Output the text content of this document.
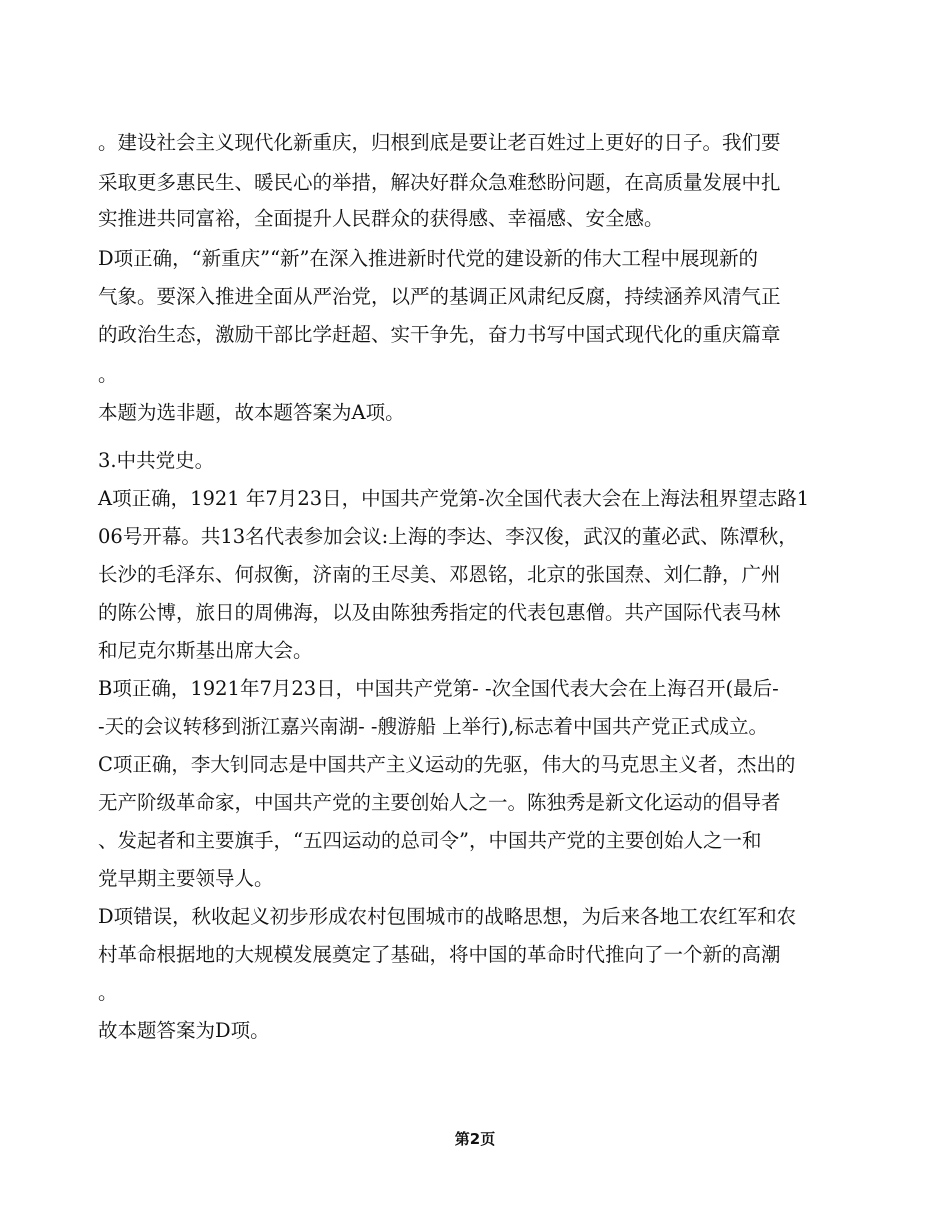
。建设社会主义现代化新重庆，归根到底是要让老百姓过上更好的日子。我们要
采取更多惠民生、暖民心的举措，解决好群众急难愁盼问题，在高质量发展中扎
实推进共同富裕，全面提升人民群众的获得感、幸福感、安全感。
D项正确，“新重庆”“新”在深入推进新时代党的建设新的伟大工程中展现新的
气象。要深入推进全面从严治党，以严的基调正风肃纪反腐，持续涵养风清气正
的政治生态，激励干部比学赶超、实干争先，奋力书写中国式现代化的重庆篇章
。
本题为选非题，故本题答案为A项。
3.中共党史。
A项正确，1921 年7月23日，中国共产党第-次全国代表大会在上海法租界望志路1
06号开幕。共13名代表参加会议:上海的李达、李汉俊，武汉的董必武、陈潭秋，
长沙的毛泽东、何叔衡，济南的王尽美、邓恩铭，北京的张国焘、刘仁静，广州
的陈公博，旅日的周佛海，以及由陈独秀指定的代表包惠僧。共产国际代表马林
和尼克尔斯基出席大会。
B项正确，1921年7月23日，中国共产党第- -次全国代表大会在上海召开(最后-
-天的会议转移到浙江嘉兴南湖- -艘游船 上举行),标志着中国共产党正式成立。
C项正确，李大钊同志是中国共产主义运动的先驱，伟大的马克思主义者，杰出的
无产阶级革命家，中国共产党的主要创始人之一。陈独秀是新文化运动的倡导者
、发起者和主要旗手，“五四运动的总司令”，中国共产党的主要创始人之一和
党早期主要领导人。
D项错误，秋收起义初步形成农村包围城市的战略思想，为后来各地工农红军和农
村革命根据地的大规模发展奠定了基础，将中国的革命时代推向了一个新的高潮
。
故本题答案为D项。
第2页
